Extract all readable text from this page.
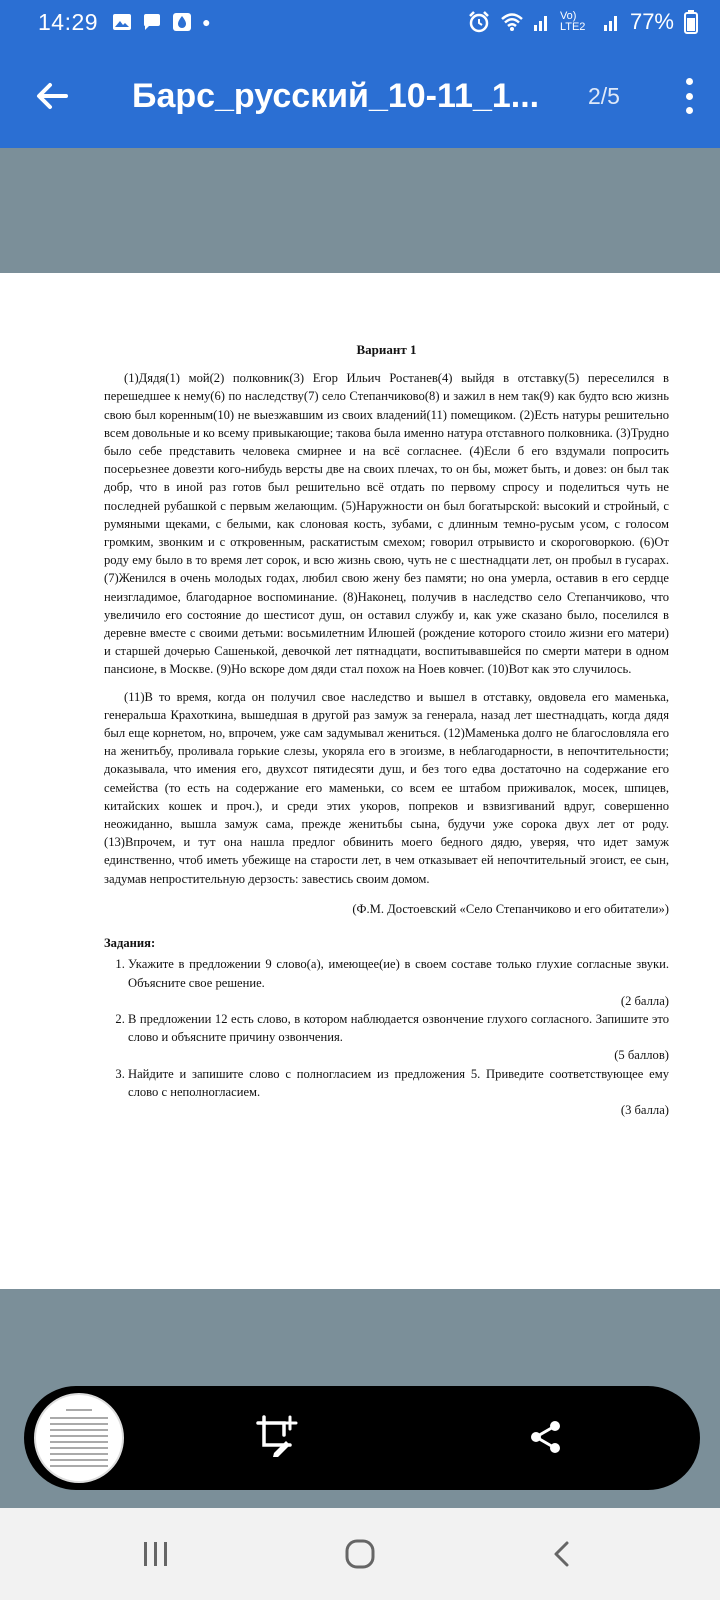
14:29	●	Vo) LTE2	77%
Барс_русский_10-11_1...	2/5
Вариант 1

(1)Дядя(1) мой(2) полковник(3) Егор Ильич Ростанев(4) выйдя в отставку(5) переселился в перешедшее к нему(6) по наследству(7) село Степанчиково(8) и зажил в нем так(9) как будто всю жизнь свою был коренным(10) не выезжавшим из своих владений(11) помещиком. (2)Есть натуры решительно всем довольные и ко всему привыкающие; такова была именно натура отставного полковника. (3)Трудно было себе представить человека смирнее и на всё согласнее. (4)Если б его вздумали попросить посерьезнее довезти кого-нибудь версты две на своих плечах, то он бы, может быть, и довез: он был так добр, что в иной раз готов был решительно всё отдать по первому спросу и поделиться чуть не последней рубашкой с первым желающим. (5)Наружности он был богатырской: высокий и стройный, с румяными щеками, с белыми, как слоновая кость, зубами, с длинным темно-русым усом, с голосом громким, звонким и с откровенным, раскатистым смехом; говорил отрывисто и скороговоркою. (6)От роду ему было в то время лет сорок, и всю жизнь свою, чуть не с шестнадцати лет, он пробыл в гусарах. (7)Женился в очень молодых годах, любил свою жену без памяти; но она умерла, оставив в его сердце неизгладимое, благодарное воспоминание. (8)Наконец, получив в наследство село Степанчиково, что увеличило его состояние до шестисот душ, он оставил службу и, как уже сказано было, поселился в деревне вместе с своими детьми: восьмилетним Илюшей (рождение которого стоило жизни его матери) и старшей дочерью Сашенькой, девочкой лет пятнадцати, воспитывавшейся по смерти матери в одном пансионе, в Москве. (9)Но вскоре дом дяди стал похож на Ноев ковчег. (10)Вот как это случилось.

(11)В то время, когда он получил свое наследство и вышел в отставку, овдовела его маменька, генеральша Крахоткина, вышедшая в другой раз замуж за генерала, назад лет шестнадцать, когда дядя был еще корнетом, но, впрочем, уже сам задумывал жениться. (12)Маменька долго не благословляла его на женитьбу, проливала горькие слезы, укоряла его в эгоизме, в неблагодарности, в непочтительности; доказывала, что имения его, двухсот пятидесяти душ, и без того едва достаточно на содержание его семейства (то есть на содержание его маменьки, со всем ее штабом приживалок, мосек, шпицев, китайских кошек и проч.), и среди этих укоров, попреков и взвизгиваний вдруг, совершенно неожиданно, вышла замуж сама, прежде женитьбы сына, будучи уже сорока двух лет от роду. (13)Впрочем, и тут она нашла предлог обвинить моего бедного дядю, уверяя, что идет замуж единственно, чтоб иметь убежище на старости лет, в чем отказывает ей непочтительный эгоист, ее сын, задумав непростительную дерзость: завестись своим домом.

(Ф.М. Достоевский «Село Степанчиково и его обитатели»)
Задания:
1. Укажите в предложении 9 слово(а), имеющее(ие) в своем составе только глухие согласные звуки. Объясните свое решение.
(2 балла)
2. В предложении 12 есть слово, в котором наблюдается озвончение глухого согласного. Запишите это слово и объясните причину озвончения.
(5 баллов)
3. Найдите и запишите слово с полногласием из предложения 5. Приведите соответствующее ему слово с неполногласием.
(3 балла)
